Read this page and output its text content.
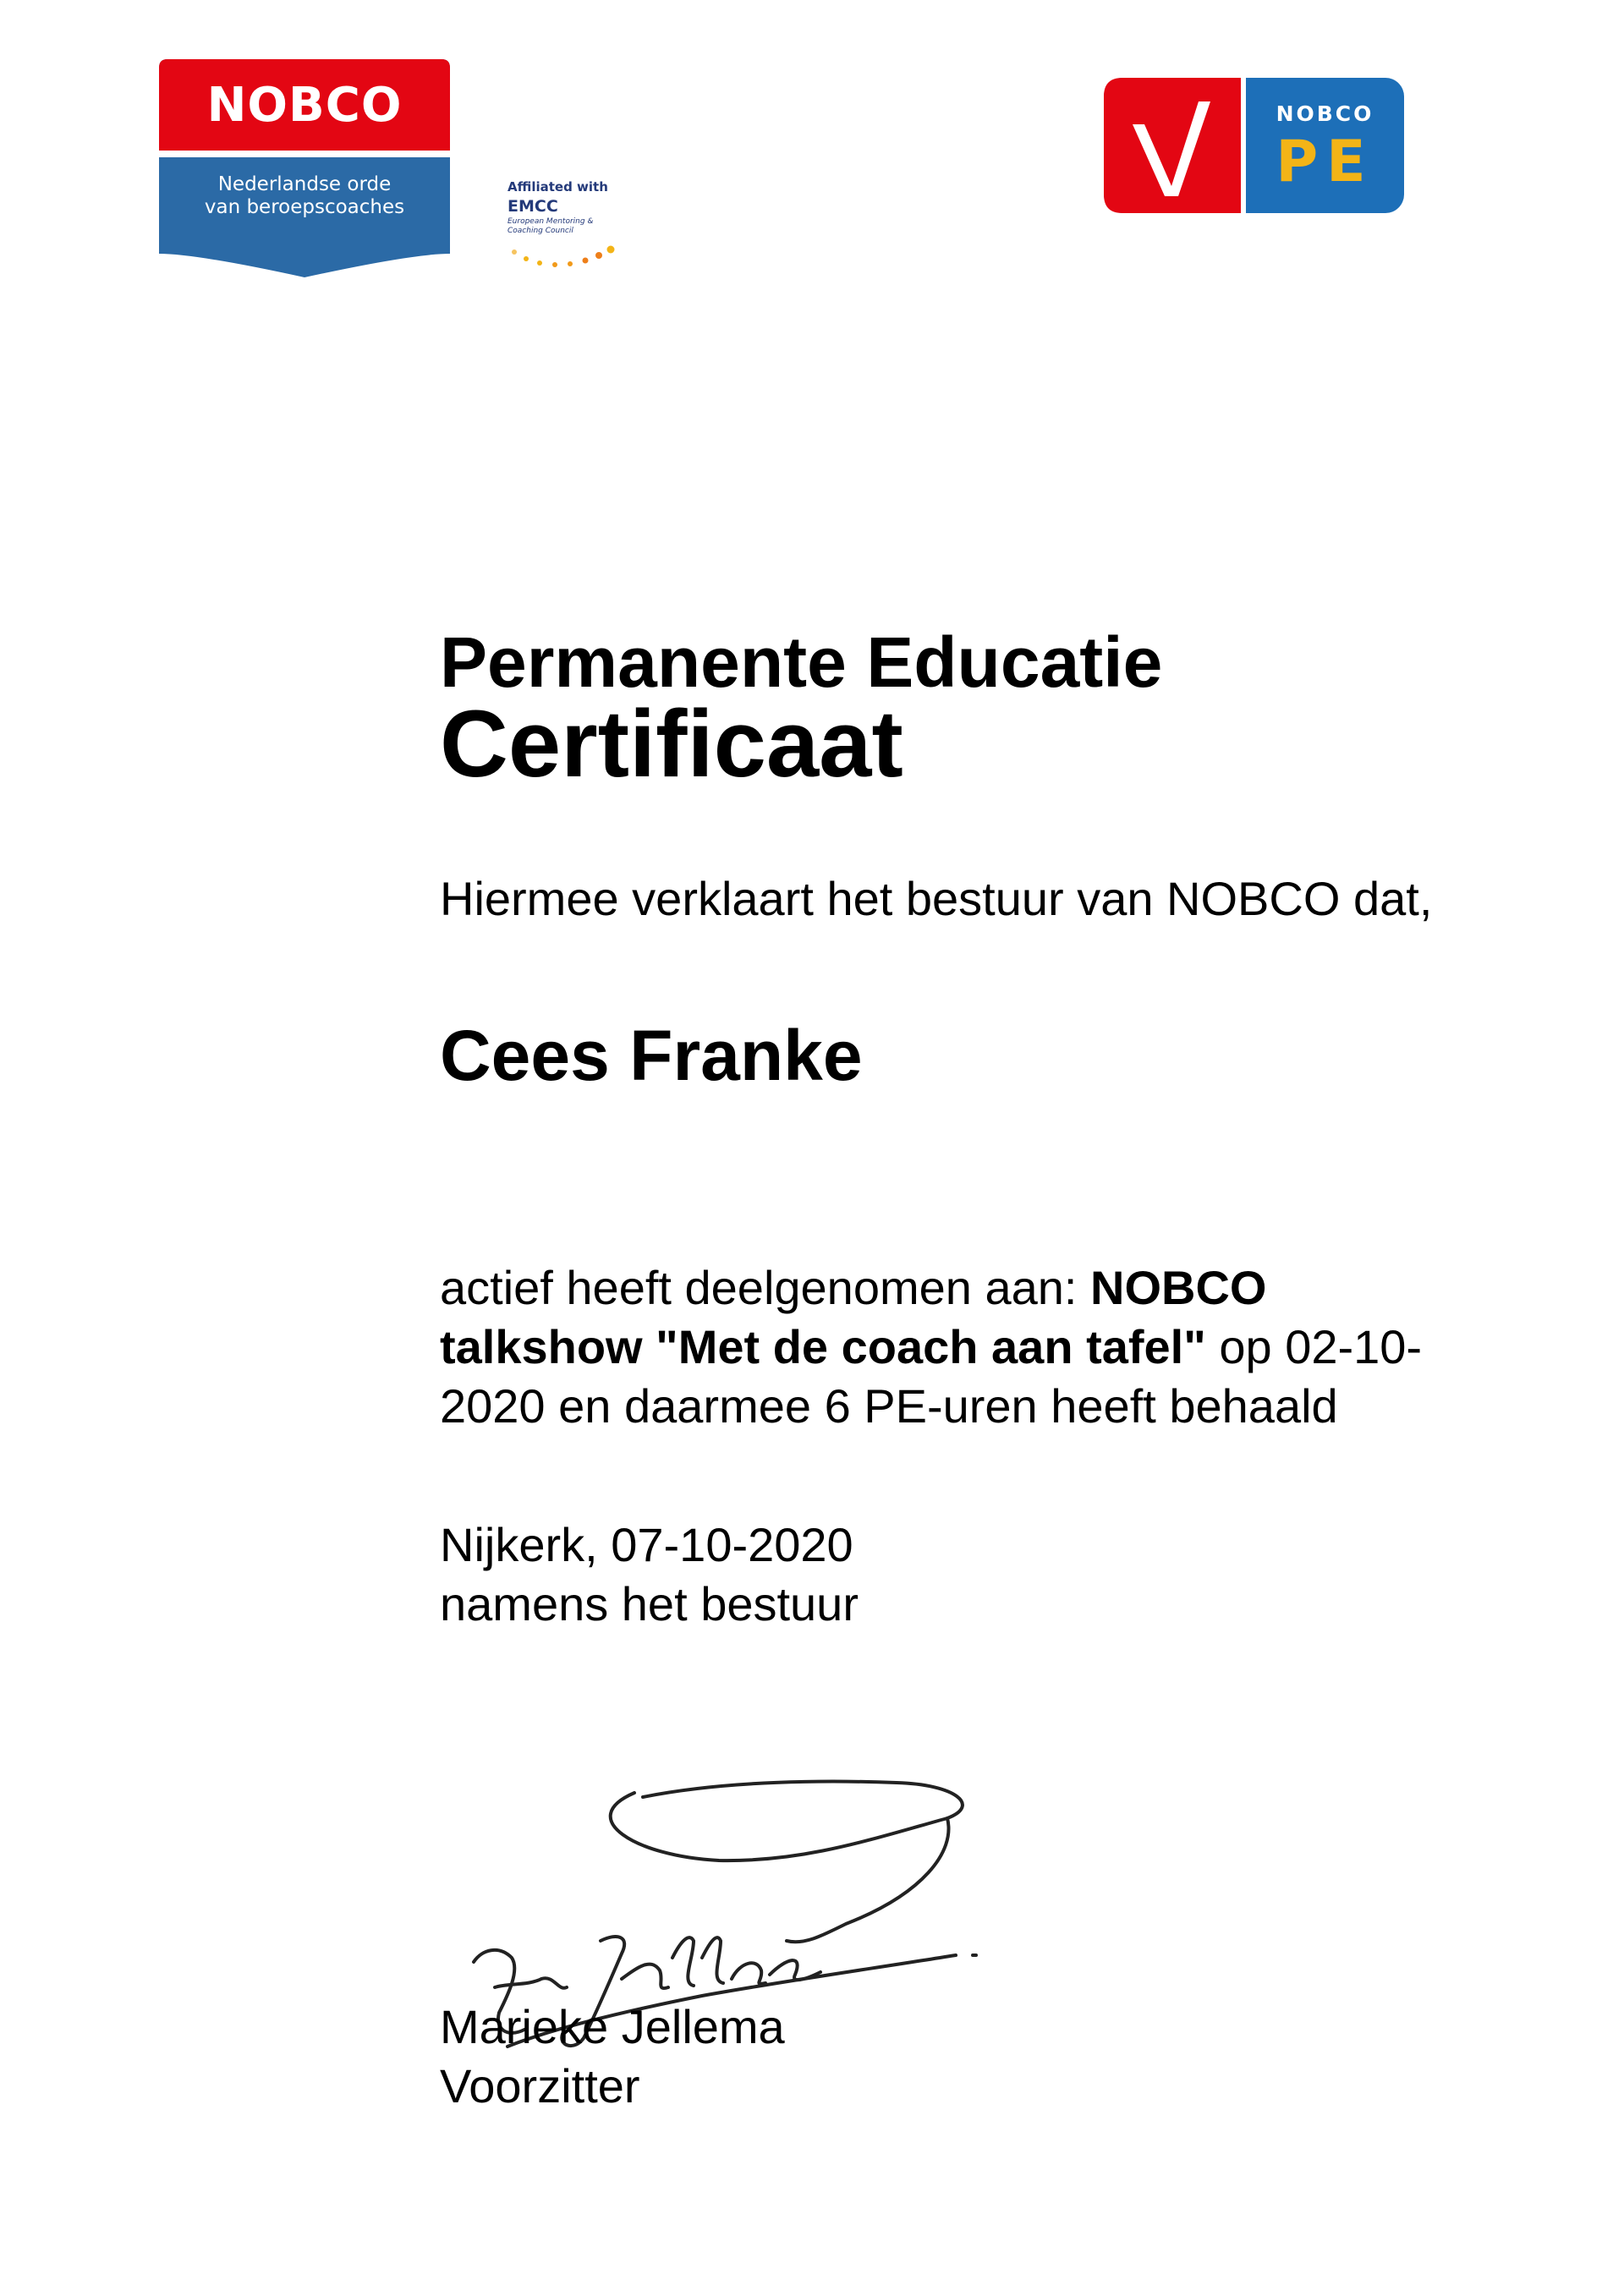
NOBCO
Nederlandse orde
van beroepscoaches
Affiliated with
EMCC
European Mentoring & Coaching Council
NOBCO
PE
Permanente Educatie
Certificaat
Hiermee verklaart het bestuur van NOBCO dat,
Cees Franke
actief heeft deelgenomen aan: NOBCO talkshow "Met de coach aan tafel" op 02-10-2020 en daarmee 6 PE-uren heeft behaald
Nijkerk, 07-10-2020
namens het bestuur
Marieke Jellema
Voorzitter
